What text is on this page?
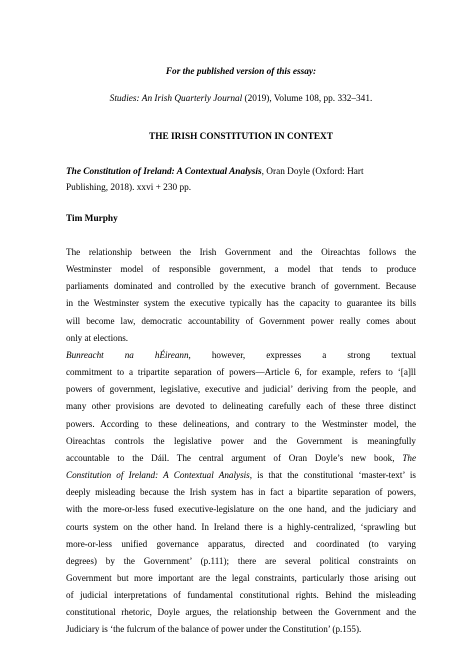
For the published version of this essay:

Studies: An Irish Quarterly Journal (2019), Volume 108, pp. 332–341.

THE IRISH CONSTITUTION IN CONTEXT

The Constitution of Ireland: A Contextual Analysis, Oran Doyle (Oxford: Hart
Publishing, 2018). xxvi + 230 pp.

Tim Murphy

The relationship between the Irish Government and the Oireachtas follows the
Westminster model of responsible government, a model that tends to produce
parliaments dominated and controlled by the executive branch of government. Because
in the Westminster system the executive typically has the capacity to guarantee its bills
will become law, democratic accountability of Government power really comes about
only at elections.
Bunreacht na hÉireann, however, expresses a strong textual
commitment to a tripartite separation of powers—Article 6, for example, refers to ‘[a]ll
powers of government, legislative, executive and judicial’ deriving from the people, and
many other provisions are devoted to delineating carefully each of these three distinct
powers. According to these delineations, and contrary to the Westminster model, the
Oireachtas controls the legislative power and the Government is meaningfully
accountable to the Dáil. The central argument of Oran Doyle’s new book, The
Constitution of Ireland: A Contextual Analysis, is that the constitutional ‘master-text’ is
deeply misleading because the Irish system has in fact a bipartite separation of powers,
with the more-or-less fused executive-legislature on the one hand, and the judiciary and
courts system on the other hand. In Ireland there is a highly-centralized, ‘sprawling but
more-or-less unified governance apparatus, directed and coordinated (to varying
degrees) by the Government’ (p.111); there are several political constraints on
Government but more important are the legal constraints, particularly those arising out
of judicial interpretations of fundamental constitutional rights. Behind the misleading
constitutional rhetoric, Doyle argues, the relationship between the Government and the
Judiciary is ‘the fulcrum of the balance of power under the Constitution’ (p.155).
